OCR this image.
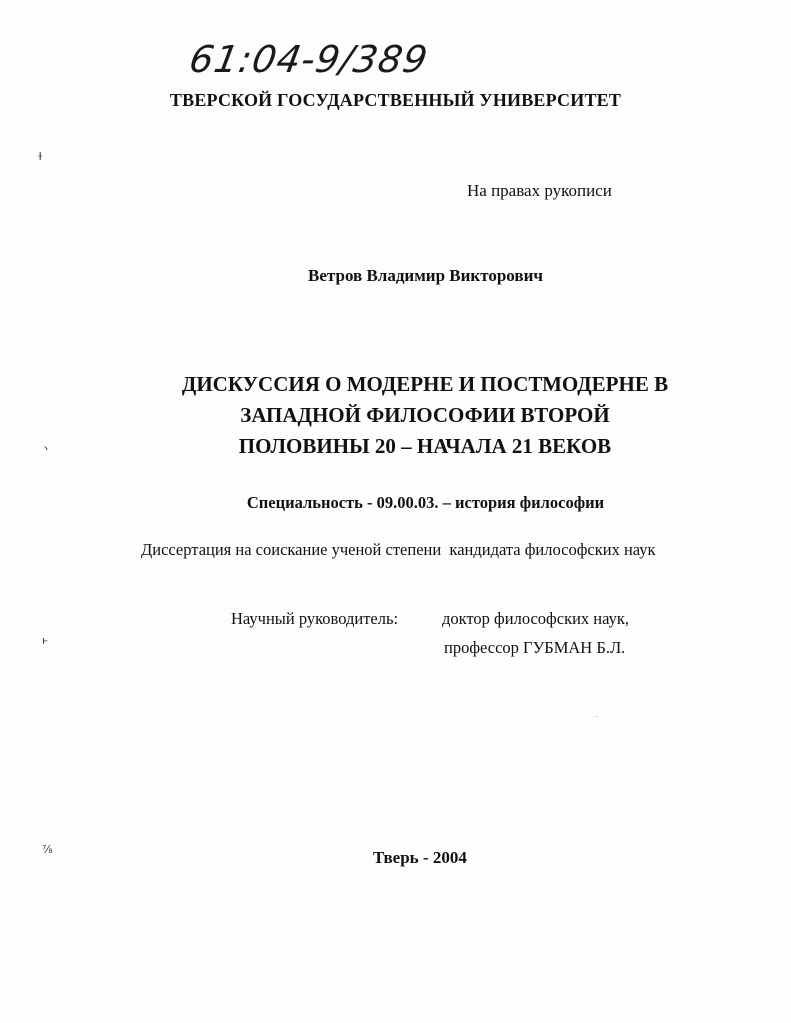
61:04-9/389
ТВЕРСКОЙ ГОСУДАРСТВЕННЫЙ УНИВЕРСИТЕТ
На правах рукописи
Ветров Владимир Викторович
ДИСКУССИЯ О МОДЕРНЕ И ПОСТМОДЕРНЕ В
ЗАПАДНОЙ ФИЛОСОФИИ ВТОРОЙ
ПОЛОВИНЫ 20 – НАЧАЛА 21 ВЕКОВ
Специальность - 09.00.03. – история философии
Диссертация на соискание ученой степени  кандидата философских наук
Научный руководитель:	доктор философских наук,
профессор ГУБМАН Б.Л.
Тверь - 2004
ɫ
ヽ
ⱶ
⅞
